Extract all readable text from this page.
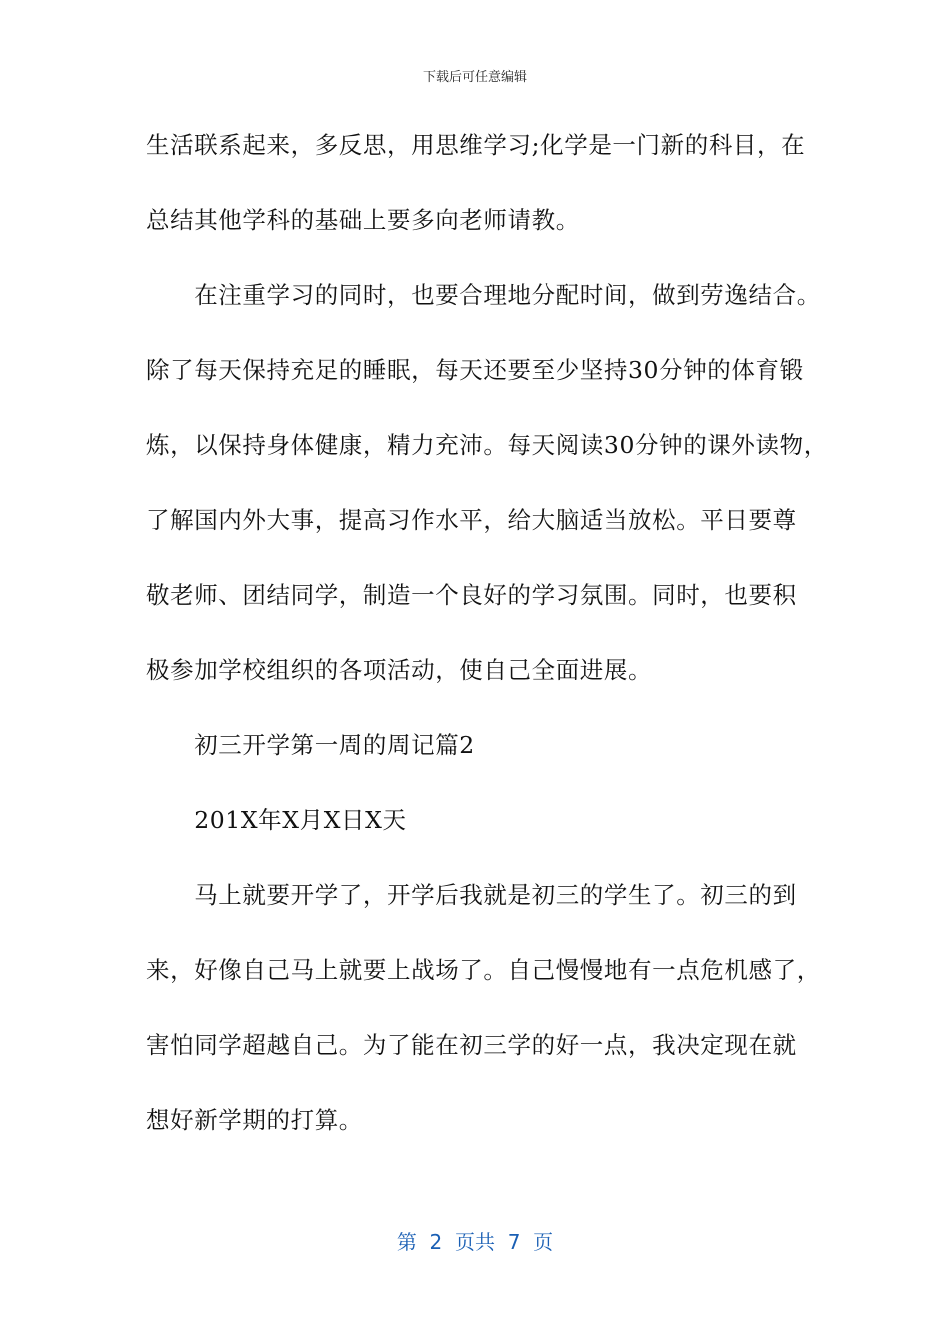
下载后可任意编辑
生活联系起来，多反思，用思维学习;化学是一门新的科目，在
总结其他学科的基础上要多向老师请教。
　　在注重学习的同时，也要合理地分配时间，做到劳逸结合。
除了每天保持充足的睡眠，每天还要至少坚持30分钟的体育锻
炼，以保持身体健康，精力充沛。每天阅读30分钟的课外读物，
了解国内外大事，提高习作水平，给大脑适当放松。平日要尊
敬老师、团结同学，制造一个良好的学习氛围。同时，也要积
极参加学校组织的各项活动，使自己全面进展。
　　初三开学第一周的周记篇2
　　201X年X月X日X天
　　马上就要开学了，开学后我就是初三的学生了。初三的到
来，好像自己马上就要上战场了。自己慢慢地有一点危机感了，
害怕同学超越自己。为了能在初三学的好一点，我决定现在就
想好新学期的打算。
第  2  页共  7  页
